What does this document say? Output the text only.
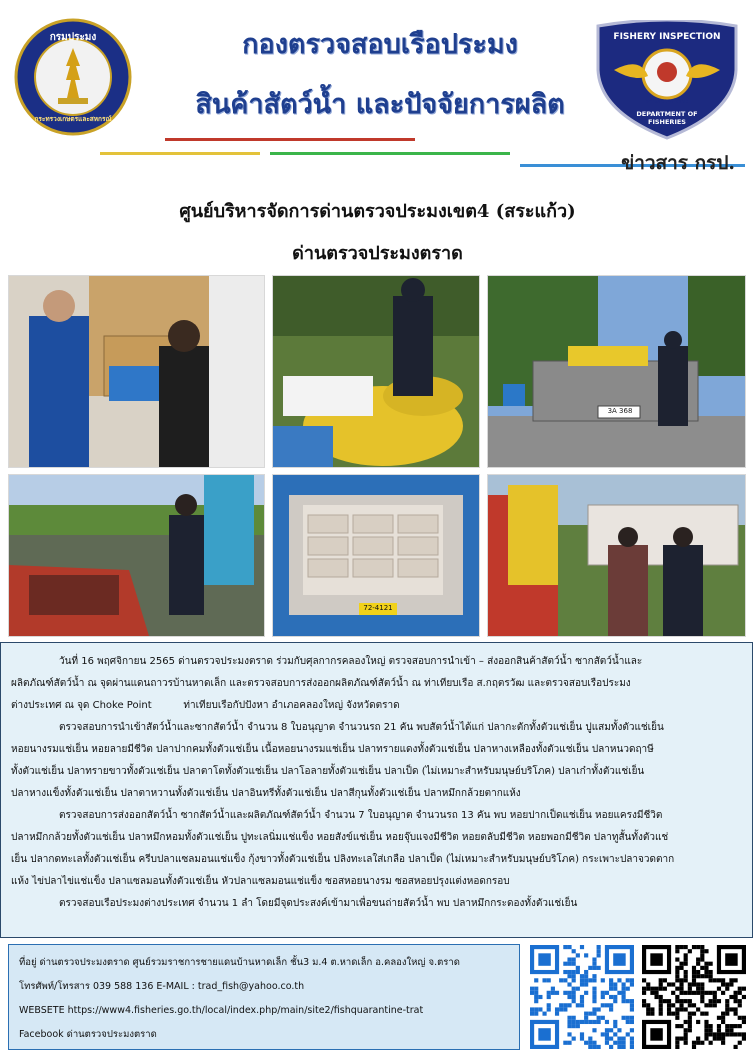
กรมประมง
กระทรวงเกษตรและสหกรณ์
FISHERY INSPECTION
ด่านตรวจประมง
DEPARTMENT OF FISHERIES
กองตรวจสอบเรือประมง
สินค้าสัตว์น้ำ และปัจจัยการผลิต
ข่าวสาร กรป.
ศูนย์บริหารจัดการด่านตรวจประมงเขต4 (สระแก้ว)
ด่านตรวจประมงตราด
3A 368
72-4121
วันที่ 16 พฤศจิกายน 2565 ด่านตรวจประมงตราด ร่วมกับศุลกากรคลองใหญ่ ตรวจสอบการนำเข้า – ส่งออกสินค้าสัตว์น้ำ ซากสัตว์น้ำและ
ผลิตภัณฑ์สัตว์น้ำ ณ จุดผ่านแดนถาวรบ้านหาดเล็ก และตรวจสอบการส่งออกผลิตภัณฑ์สัตว์น้ำ ณ ท่าเทียบเรือ ส.กฤตรวัฒ และตรวจสอบเรือประมง
ต่างประเทศ ณ จุด Choke Point          ท่าเทียบเรือกัปปังหา อำเภอคลองใหญ่ จังหวัดตราด
ตรวจสอบการนำเข้าสัตว์น้ำและซากสัตว์น้ำ จำนวน 8 ใบอนุญาต จำนวนรถ 21 คัน พบสัตว์น้ำได้แก่ ปลากะตักทั้งตัวแช่เย็น ปูแสมทั้งตัวแช่เย็น
หอยนางรมแช่เย็น หอยลายมีชีวิต ปลาปากคมทั้งตัวแช่เย็น เนื้อหอยนางรมแช่เย็น ปลาทรายแดงทั้งตัวแช่เย็น ปลาหางเหลืองทั้งตัวแช่เย็น ปลาหนวดฤาษี
ทั้งตัวแช่เย็น ปลาทรายขาวทั้งตัวแช่เย็น ปลาตาโตทั้งตัวแช่เย็น ปลาโอลายทั้งตัวแช่เย็น ปลาเป็ด (ไม่เหมาะสำหรับมนุษย์บริโภค) ปลาเก๋าทั้งตัวแช่เย็น
ปลาหางแข็งทั้งตัวแช่เย็น ปลาตาหวานทั้งตัวแช่เย็น ปลาอินทรีทั้งตัวแช่เย็น ปลาสีกุนทั้งตัวแช่เย็น ปลาหมึกกล้วยตากแห้ง
ตรวจสอบการส่งออกสัตว์น้ำ ซากสัตว์น้ำและผลิตภัณฑ์สัตว์น้ำ จำนวน 7 ใบอนุญาต จำนวนรถ 13 คัน พบ หอยปากเป็ดแช่เย็น หอยแครงมีชีวิต
ปลาหมึกกล้วยทั้งตัวแช่เย็น ปลาหมึกหอมทั้งตัวแช่เย็น ปูทะเลนิ่มแช่แข็ง หอยสังข์แช่เย็น หอยจุ๊บแจงมีชีวิต หอยตลับมีชีวิต หอยพอกมีชีวิต ปลาทูสั้นทั้งตัวแช่
เย็น ปลากดทะเลทั้งตัวแช่เย็น ครีบปลาแซลมอนแช่แข็ง กุ้งขาวทั้งตัวแช่เย็น ปลิงทะเลใส่เกลือ ปลาเป็ด (ไม่เหมาะสำหรับมนุษย์บริโภค) กระเพาะปลาจวดตาก
แห้ง ไข่ปลาไข่แช่แข็ง ปลาแซลมอนทั้งตัวแช่เย็น หัวปลาแซลมอนแช่แข็ง ซอสหอยนางรม ซอสหอยปรุงแต่งหอดกรอบ
ตรวจสอบเรือประมงต่างประเทศ จำนวน 1 ลำ โดยมีจุดประสงค์เข้ามาเพื่อขนถ่ายสัตว์น้ำ พบ ปลาหมึกกระดองทั้งตัวแช่เย็น
ที่อยู่ ด่านตรวจประมงตราด ศูนย์รวมราชการชายแดนบ้านหาดเล็ก ชั้น3 ม.4 ต.หาดเล็ก อ.คลองใหญ่ จ.ตราด
โทรศัพท์/โทรสาร 039 588 136 E-MAIL : trad_fish@yahoo.co.th
WEBSETE https://www4.fisheries.go.th/local/index.php/main/site2/fishquarantine-trat
Facebook ด่านตรวจประมงตราด
